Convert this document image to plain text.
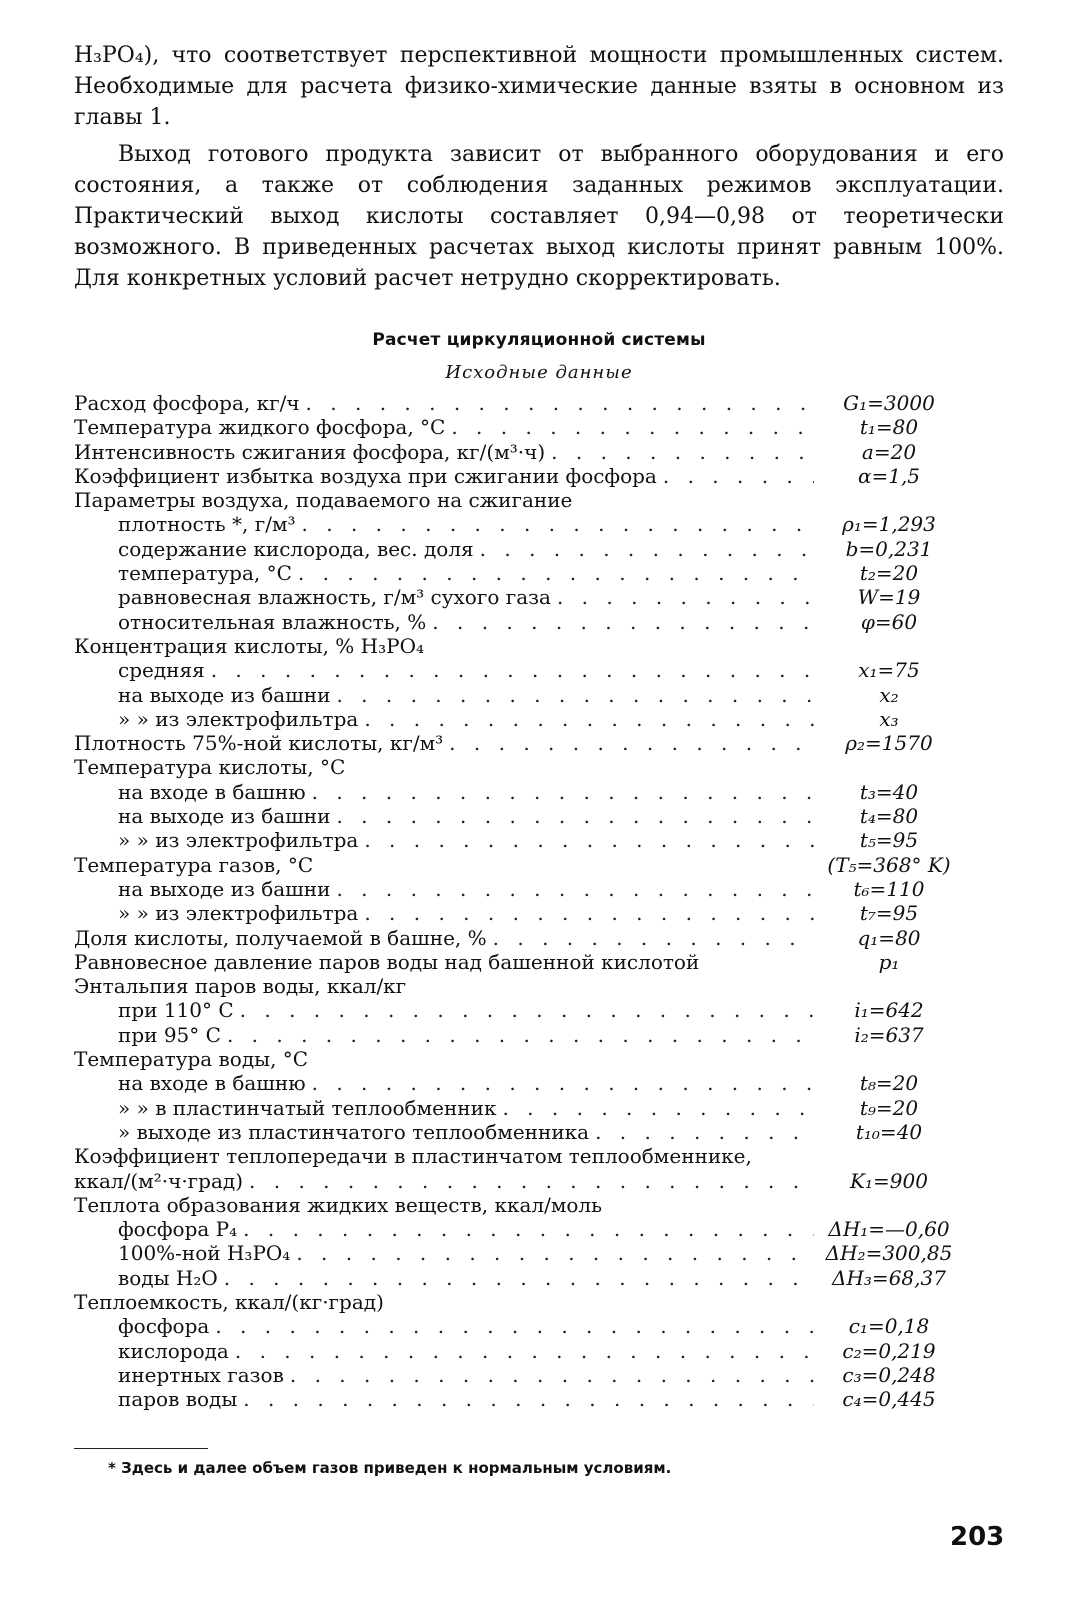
H₃PO₄), что соответствует перспективной мощности промышленных систем. Необходимые для расчета физико-химические данные взяты в основном из главы 1.

Выход готового продукта зависит от выбранного оборудования и его состояния, а также от соблюдения заданных режимов эксплуатации. Практический выход кислоты составляет 0,94—0,98 от теоретически возможного. В приведенных расчетах выход кислоты принят равным 100%. Для конкретных условий расчет нетрудно скорректировать.

Расчет циркуляционной системы
Исходные данные
Расход фосфора, кг/ч . . .	G₁=3000
Температура жидкого фосфора, °С . . .	t₁=80
Интенсивность сжигания фосфора, кг/(м³·ч) . . .	a=20
Коэффициент избытка воздуха при сжигании фосфора . . .	α=1,5
Параметры воздуха, подаваемого на сжигание
плотность *, г/м³ . . .	ρ₁=1,293
содержание кислорода, вес. доля . . .	b=0,231
температура, °С . . .	t₂=20
равновесная влажность, г/м³ сухого газа . . .	W=19
относительная влажность, % . . .	φ=60
Концентрация кислоты, % H₃PO₄
средняя . . .	x₁=75
на выходе из башни . . .	x₂
» » из электрофильтра . . .	x₃
Плотность 75%-ной кислоты, кг/м³ . . .	ρ₂=1570
Температура кислоты, °С
на входе в башню . . .	t₃=40
на выходе из башни . . .	t₄=80
» » из электрофильтра . . .	t₅=95
Температура газов, °С	(T₅=368° K)
на выходе из башни . . .	t₆=110
» » из электрофильтра . . .	t₇=95
Доля кислоты, получаемой в башне, % . . .	q₁=80
Равновесное давление паров воды над башенной кислотой	p₁
Энтальпия паров воды, ккал/кг
при 110° С . . .	i₁=642
при 95° С . . .	i₂=637
Температура воды, °С
на входе в башню . . .	t₈=20
» » в пластинчатый теплообменник . . .	t₉=20
» выходе из пластинчатого теплообменника . . .	t₁₀=40
Коэффициент теплопередачи в пластинчатом теплообменнике,
ккал/(м²·ч·град) . . .	K₁=900
Теплота образования жидких веществ, ккал/моль
фосфора P₄ . . .	ΔH₁=—0,60
100%-ной H₃PO₄ . . .	ΔH₂=300,85
воды H₂O . . .	ΔH₃=68,37
Теплоемкость, ккал/(кг·град)
фосфора . . .	c₁=0,18
кислорода . . .	c₂=0,219
инертных газов . . .	c₃=0,248
паров воды . . .	c₄=0,445
* Здесь и далее объем газов приведен к нормальным условиям.
203
